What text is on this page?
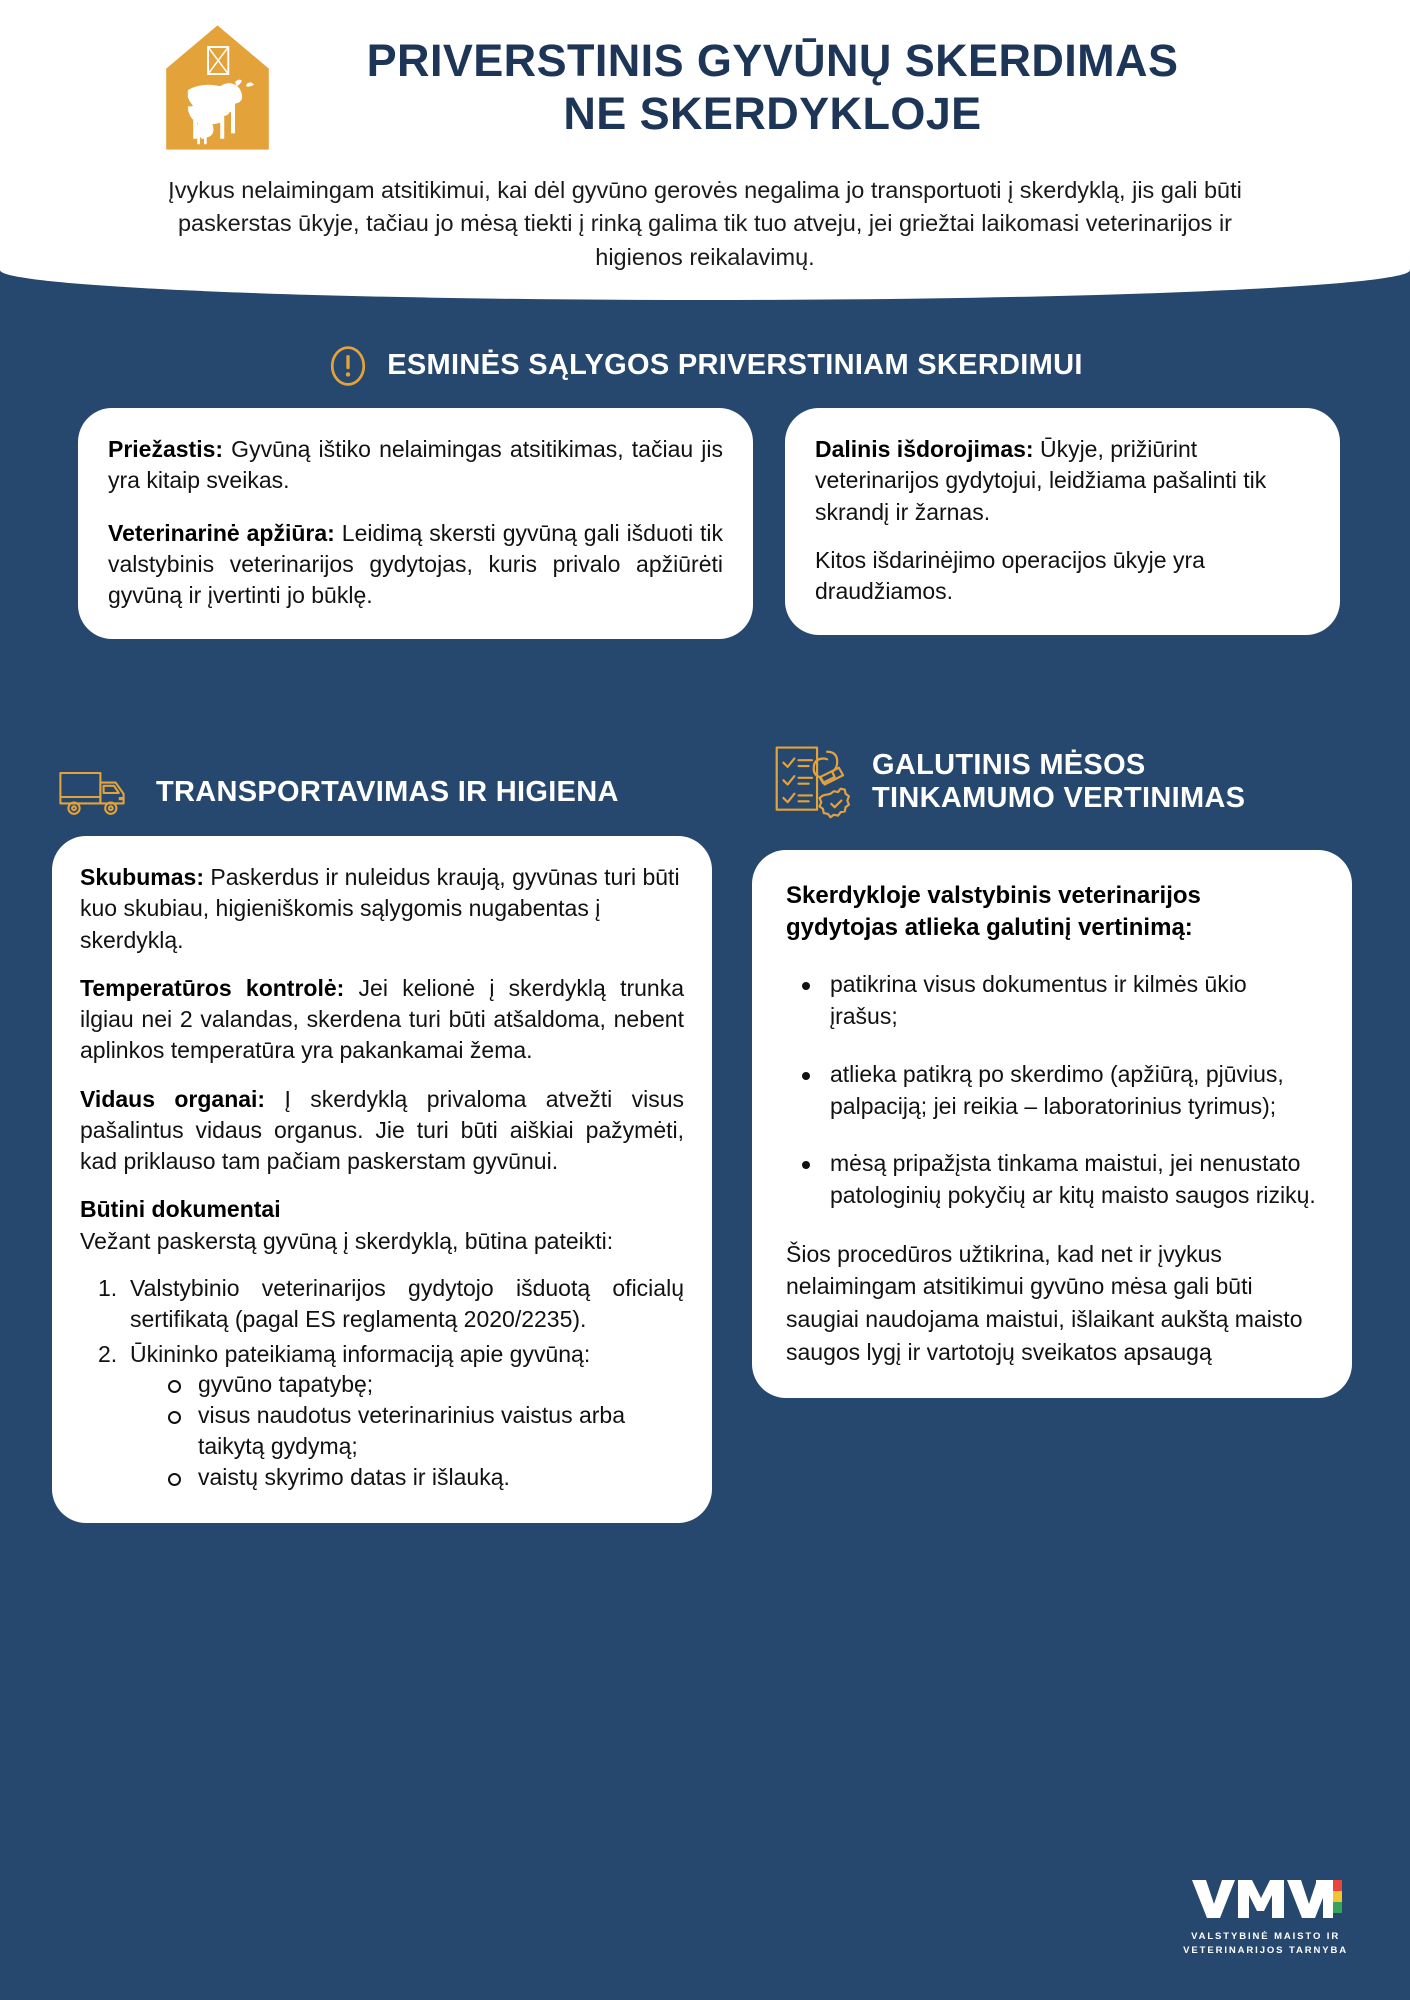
PRIVERSTINIS GYVŪNŲ SKERDIMAS
NE SKERDYKLOJE

Įvykus nelaimingam atsitikimui, kai dėl gyvūno gerovės negalima jo transportuoti į skerdyklą, jis gali būti paskerstas ūkyje, tačiau jo mėsą tiekti į rinką galima tik tuo atveju, jei griežtai laikomasi veterinarijos ir higienos reikalavimų.

ESMINĖS SĄLYGOS PRIVERSTINIAM SKERDIMUI

Priežastis: Gyvūną ištiko nelaimingas atsitikimas, tačiau jis yra kitaip sveikas.

Veterinarinė apžiūra: Leidimą skersti gyvūną gali išduoti tik valstybinis veterinarijos gydytojas, kuris privalo apžiūrėti gyvūną ir įvertinti jo būklę.

Dalinis išdorojimas: Ūkyje, prižiūrint veterinarijos gydytojui, leidžiama pašalinti tik skrandį ir žarnas.

Kitos išdarinėjimo operacijos ūkyje yra draudžiamos.

TRANSPORTAVIMAS IR HIGIENA
GALUTINIS MĖSOS
TINKAMUMO VERTINIMAS

Skubumas: Paskerdus ir nuleidus kraują, gyvūnas turi būti kuo skubiau, higieniškomis sąlygomis nugabentas į skerdyklą.

Temperatūros kontrolė: Jei kelionė į skerdyklą trunka ilgiau nei 2 valandas, skerdena turi būti atšaldoma, nebent aplinkos temperatūra yra pakankamai žema.

Vidaus organai: Į skerdyklą privaloma atvežti visus pašalintus vidaus organus. Jie turi būti aiškiai pažymėti, kad priklauso tam pačiam paskerstam gyvūnui.

Būtini dokumentai

Vežant paskerstą gyvūną į skerdyklą, būtina pateikti:

Valstybinio veterinarijos gydytojo išduotą oficialų sertifikatą (pagal ES reglamentą 2020/2235).
Ūkininko pateikiamą informaciją apie gyvūną:
gyvūno tapatybę;
visus naudotus veterinarinius vaistus arba taikytą gydymą;
vaistų skyrimo datas ir išlauką.

Skerdykloje valstybinis veterinarijos gydytojas atlieka galutinį vertinimą:

patikrina visus dokumentus ir kilmės ūkio įrašus;
atlieka patikrą po skerdimo (apžiūrą, pjūvius, palpaciją; jei reikia – laboratorinius tyrimus);
mėsą pripažįsta tinkama maistui, jei nenustato patologinių pokyčių ar kitų maisto saugos rizikų.

Šios procedūros užtikrina, kad net ir įvykus nelaimingam atsitikimui gyvūno mėsa gali būti saugiai naudojama maistui, išlaikant aukštą maisto saugos lygį ir vartotojų sveikatos apsaugą

VALSTYBINĖ MAISTO IR
VETERINARIJOS TARNYBA
